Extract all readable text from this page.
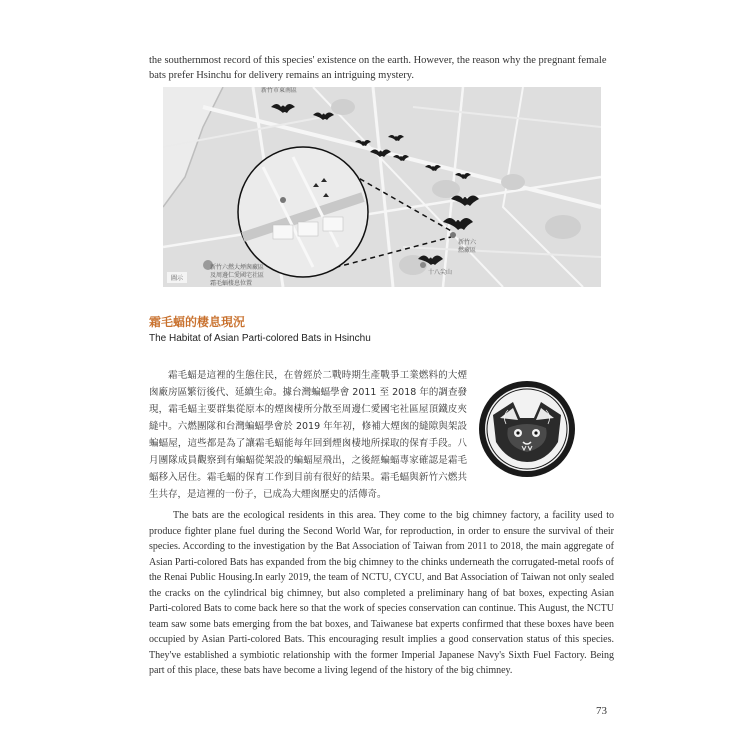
the southernmost record of this species' existence on the earth. However, the reason why the pregnant female bats prefer Hsinchu for delivery remains an intriguing mystery.

新竹市東南區
新竹六
燃廠區
十八尖山
新竹六燃大煙囪廠區
及周邊仁愛國宅社區
霜毛蝠棲息位置
圖示
霜毛蝠的棲息現況
The Habitat of Asian Parti-colored Bats in Hsinchu

霜毛蝠是這裡的生態住民，在曾經於二戰時期生產戰爭工業燃料的大煙囪廠房區繁衍後代、延續生命。據台灣蝙蝠學會 2011 至 2018 年的調查發現，霜毛蝠主要群集從原本的煙囪棲所分散至周邊仁愛國宅社區屋頂鐵皮夾縫中。六燃團隊和台灣蝙蝠學會於 2019 年年初，修補大煙囪的縫隙與架設蝙蝠屋，這些都是為了讓霜毛蝠能每年回到煙囪棲地所採取的保育手段。八月團隊成員觀察到有蝙蝠從架設的蝙蝠屋飛出，之後經蝙蝠專家確認是霜毛蝠移入居住。霜毛蝠的保育工作到目前有很好的結果。霜毛蝠與新竹六燃共生共存，是這裡的一份子，已成為大煙囪歷史的活傳奇。

The bats are the ecological residents in this area. They come to the big chimney factory, a facility used to produce fighter plane fuel during the Second World War, for reproduction, in order to ensure the survival of their species. According to the investigation by the Bat Association of Taiwan from 2011 to 2018, the main aggregate of Asian Parti-colored Bats has expanded from the big chimney to the chinks underneath the corrugated-metal roofs of the Renai Public Housing.In early 2019, the team of NCTU, CYCU, and Bat Association of Taiwan not only sealed the cracks on the cylindrical big chimney, but also completed a preliminary hang of bat boxes, expecting Asian Parti-colored Bats to come back here so that the work of species conservation can continue. This August, the NCTU team saw some bats emerging from the bat boxes, and Taiwanese bat experts confirmed that these boxes have been occupied by Asian Parti-colored Bats. This encouraging result implies a good conservation status of this species. They've established a symbiotic relationship with the former Imperial Japanese Navy's Sixth Fuel Factory. Being part of this place, these bats have become a living legend of the history of the big chimney.

73
